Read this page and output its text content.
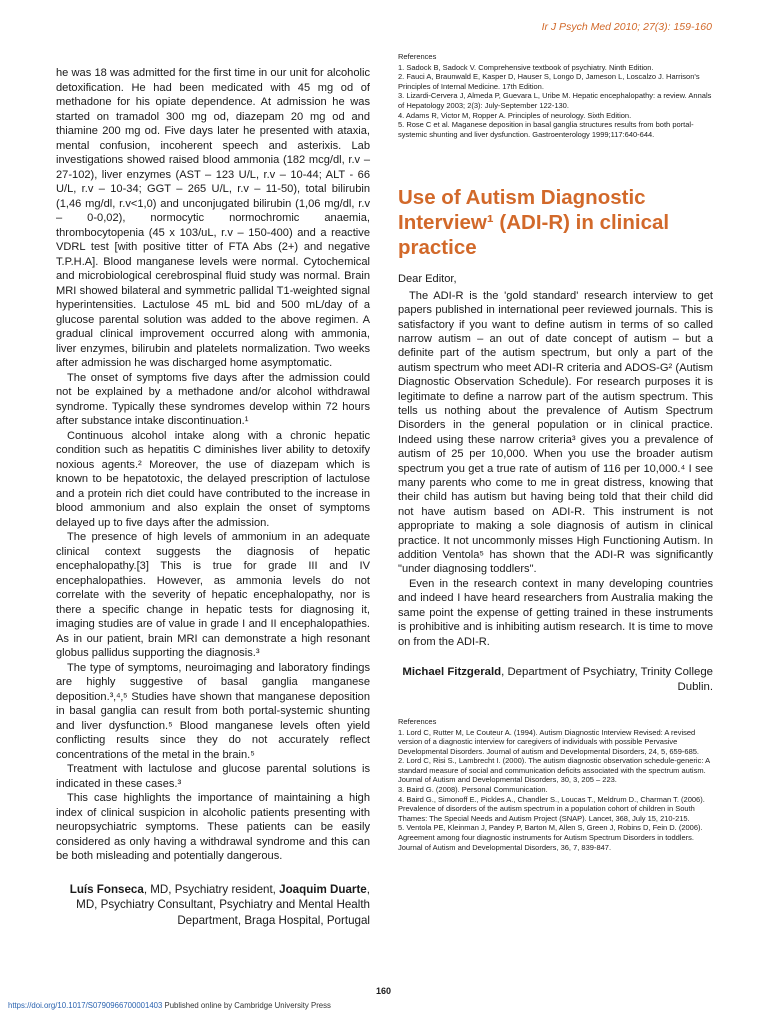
Ir J Psych Med 2010; 27(3): 159-160

he was 18 was admitted for the first time in our unit for alcoholic detoxification. He had been medicated with 45 mg od of methadone for his opiate dependence. At admission he was started on tramadol 300 mg od, diazepam 20 mg od and thiamine 200 mg od. Five days later he presented with ataxia, mental confusion, incoherent speech and asterixis. Lab investigations showed raised blood ammonia (182 mcg/dl, r.v – 27-102), liver enzymes (AST – 123 U/L, r.v – 10-44; ALT - 66 U/L, r.v – 10-34; GGT – 265 U/L, r.v – 11-50), total bilirubin (1,46 mg/dl, r.v<1,0) and unconjugated bilirubin (1,06 mg/dl, r.v – 0-0,02), normocytic normochromic anaemia, thrombocytopenia (45 x 103/uL, r.v – 150-400) and a reactive VDRL test [with positive titter of FTA Abs (2+) and negative T.P.H.A]. Blood manganese levels were normal. Cytochemical and microbiological cerebrospinal fluid study was normal. Brain MRI showed bilateral and symmetric pallidal T1-weighted signal hyperintensities. Lactulose 45 mL bid and 500 mL/day of a glucose parental solution was added to the above regimen. A gradual clinical improvement occurred along with ammonia, liver enzymes, bilirubin and platelets normalization. Two weeks after admission he was discharged home asymptomatic.

The onset of symptoms five days after the admission could not be explained by a methadone and/or alcohol withdrawal syndrome. Typically these syndromes develop within 72 hours after substance intake discontinuation.¹

Continuous alcohol intake along with a chronic hepatic condition such as hepatitis C diminishes liver ability to detoxify noxious agents.² Moreover, the use of diazepam which is known to be hepatotoxic, the delayed prescription of lactulose and a protein rich diet could have contributed to the increase in blood ammonium and also explain the onset of symptoms delayed up to five days after the admission.

The presence of high levels of ammonium in an adequate clinical context suggests the diagnosis of hepatic encephalopathy.[3] This is true for grade III and IV encephalopathies. However, as ammonia levels do not correlate with the severity of hepatic encephalopathy, nor is there a specific change in hepatic tests for diagnosing it, imaging studies are of value in grade I and II encephalopathies. As in our patient, brain MRI can demonstrate a high resonant globus pallidus supporting the diagnosis.³

The type of symptoms, neuroimaging and laboratory findings are highly suggestive of basal ganglia manganese deposition.³‚⁴‚⁵ Studies have shown that manganese deposition in basal ganglia can result from both portal-systemic shunting and liver dysfunction.⁵ Blood manganese levels often yield conflicting results since they do not accurately reflect concentrations of the metal in the brain.⁵

Treatment with lactulose and glucose parental solutions is indicated in these cases.³

This case highlights the importance of maintaining a high index of clinical suspicion in alcoholic patients presenting with neuropsychiatric symptoms. These patients can be easily considered as only having a withdrawal syndrome and this can be both misleading and potentially dangerous.

Luís Fonseca, MD, Psychiatry resident, Joaquim Duarte, MD, Psychiatry Consultant, Psychiatry and Mental Health Department, Braga Hospital, Portugal

References

1. Sadock B, Sadock V. Comprehensive textbook of psychiatry. Ninth Edition.
2. Fauci A, Braunwald E, Kasper D, Hauser S, Longo D, Jameson L, Loscalzo J. Harrison's Principles of Internal Medicine. 17th Edition.
3. Lizardi-Cervera J, Almeda P, Guevara L, Uribe M. Hepatic encephalopathy: a review. Annals of Hepatology 2003; 2(3): July-September 122-130.
4. Adams R, Victor M, Ropper A. Principles of neurology. Sixth Edition.
5. Rose C et al. Maganese deposition in basal ganglia structures results from both portal-systemic shunting and liver dysfunction. Gastroenterology 1999;117:640-644.
Use of Autism Diagnostic Interview¹ (ADI-R) in clinical practice

Dear Editor,

The ADI-R is the 'gold standard' research interview to get papers published in international peer reviewed journals. This is satisfactory if you want to define autism in terms of so called narrow autism – an out of date concept of autism – but a definite part of the autism spectrum, but only a part of the autism spectrum who meet ADI-R criteria and ADOS-G² (Autism Diagnostic Observation Schedule). For research purposes it is legitimate to define a narrow part of the autism spectrum. This tells us nothing about the prevalence of Autism Spectrum Disorders in the general population or in clinical practice. Indeed using these narrow criteria³ gives you a prevalence of autism of 25 per 10,000. When you use the broader autism spectrum you get a true rate of autism of 116 per 10,000.⁴ I see many parents who come to me in great distress, knowing that their child has autism but having being told that their child did not have autism based on ADI-R. This instrument is not appropriate to making a sole diagnosis of autism in clinical practice. It not uncommonly misses High Functioning Autism. In addition Ventola⁵ has shown that the ADI-R was significantly "under diagnosing toddlers".

Even in the research context in many developing countries and indeed I have heard researchers from Australia making the same point the expense of getting trained in these instruments is prohibitive and is inhibiting autism research. It is time to move on from the ADI-R.

Michael Fitzgerald, Department of Psychiatry, Trinity College Dublin.

References

1. Lord C, Rutter M, Le Couteur A. (1994). Autism Diagnostic Interview Revised: A revised version of a diagnostic interview for caregivers of individuals with possible Pervasive Developmental Disorders. Journal of autism and Developmental Disorders, 24, 5, 659-685.
2. Lord C, Risi S., Lambrecht I. (2000). The autism diagnostic observation schedule-generic: A standard measure of social and communication deficits associated with the spectrum autism. Journal of Autism and Developmental Disorders, 30, 3, 205 – 223.
3. Baird G. (2008). Personal Communication.
4. Baird G., Simonoff E., Pickles A., Chandler S., Loucas T., Meldrum D., Charman T. (2006). Prevalence of disorders of the autism spectrum in a population cohort of children in South Thames: The Special Needs and Autism Project (SNAP). Lancet, 368, July 15, 210-215.
5. Ventola PE, Kleinman J, Pandey P, Barton M, Allen S, Green J, Robins D, Fein D. (2006). Agreement among four diagnostic instruments for Autism Spectrum Disorders in toddlers. Journal of Autism and Developmental Disorders, 36, 7, 839-847.
160
https://doi.org/10.1017/S0790966700001403 Published online by Cambridge University Press
